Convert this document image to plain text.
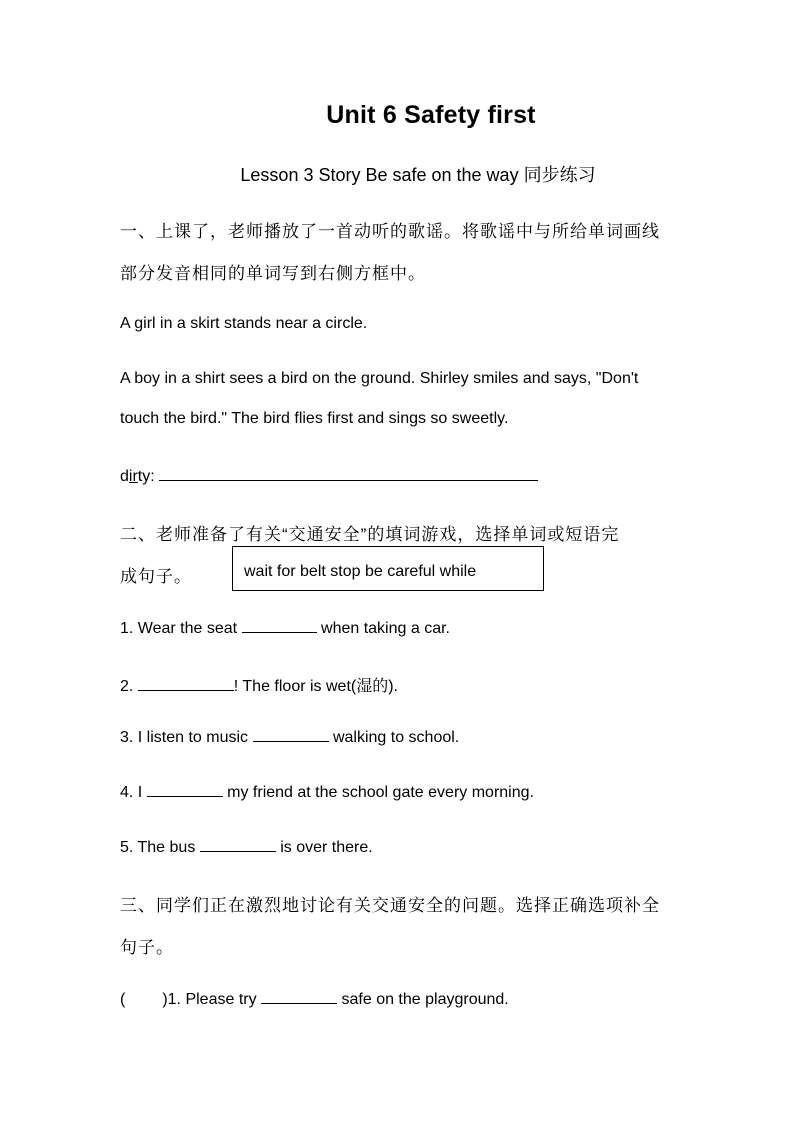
Unit 6 Safety first
Lesson 3 Story Be safe on the way 同步练习
一、上课了，老师播放了一首动听的歌谣。将歌谣中与所给单词画线
部分发音相同的单词写到右侧方框中。
A girl in a skirt stands near a circle.
A boy in a shirt sees a bird on the ground. Shirley smiles and says, "Don't
touch the bird." The bird flies first and sings so sweetly.
dirty:
二、老师准备了有关“交通安全”的填词游戏，选择单词或短语完
成句子。	wait for belt stop be careful while
1. Wear the seat	when taking a car.
2.	! The floor is wet(湿的).
3. I listen to music	walking to school.
4. I	my friend at the school gate every morning.
5. The bus	is over there.
三、同学们正在激烈地讨论有关交通安全的问题。选择正确选项补全
句子。
( )1. Please try	safe on the playground.
